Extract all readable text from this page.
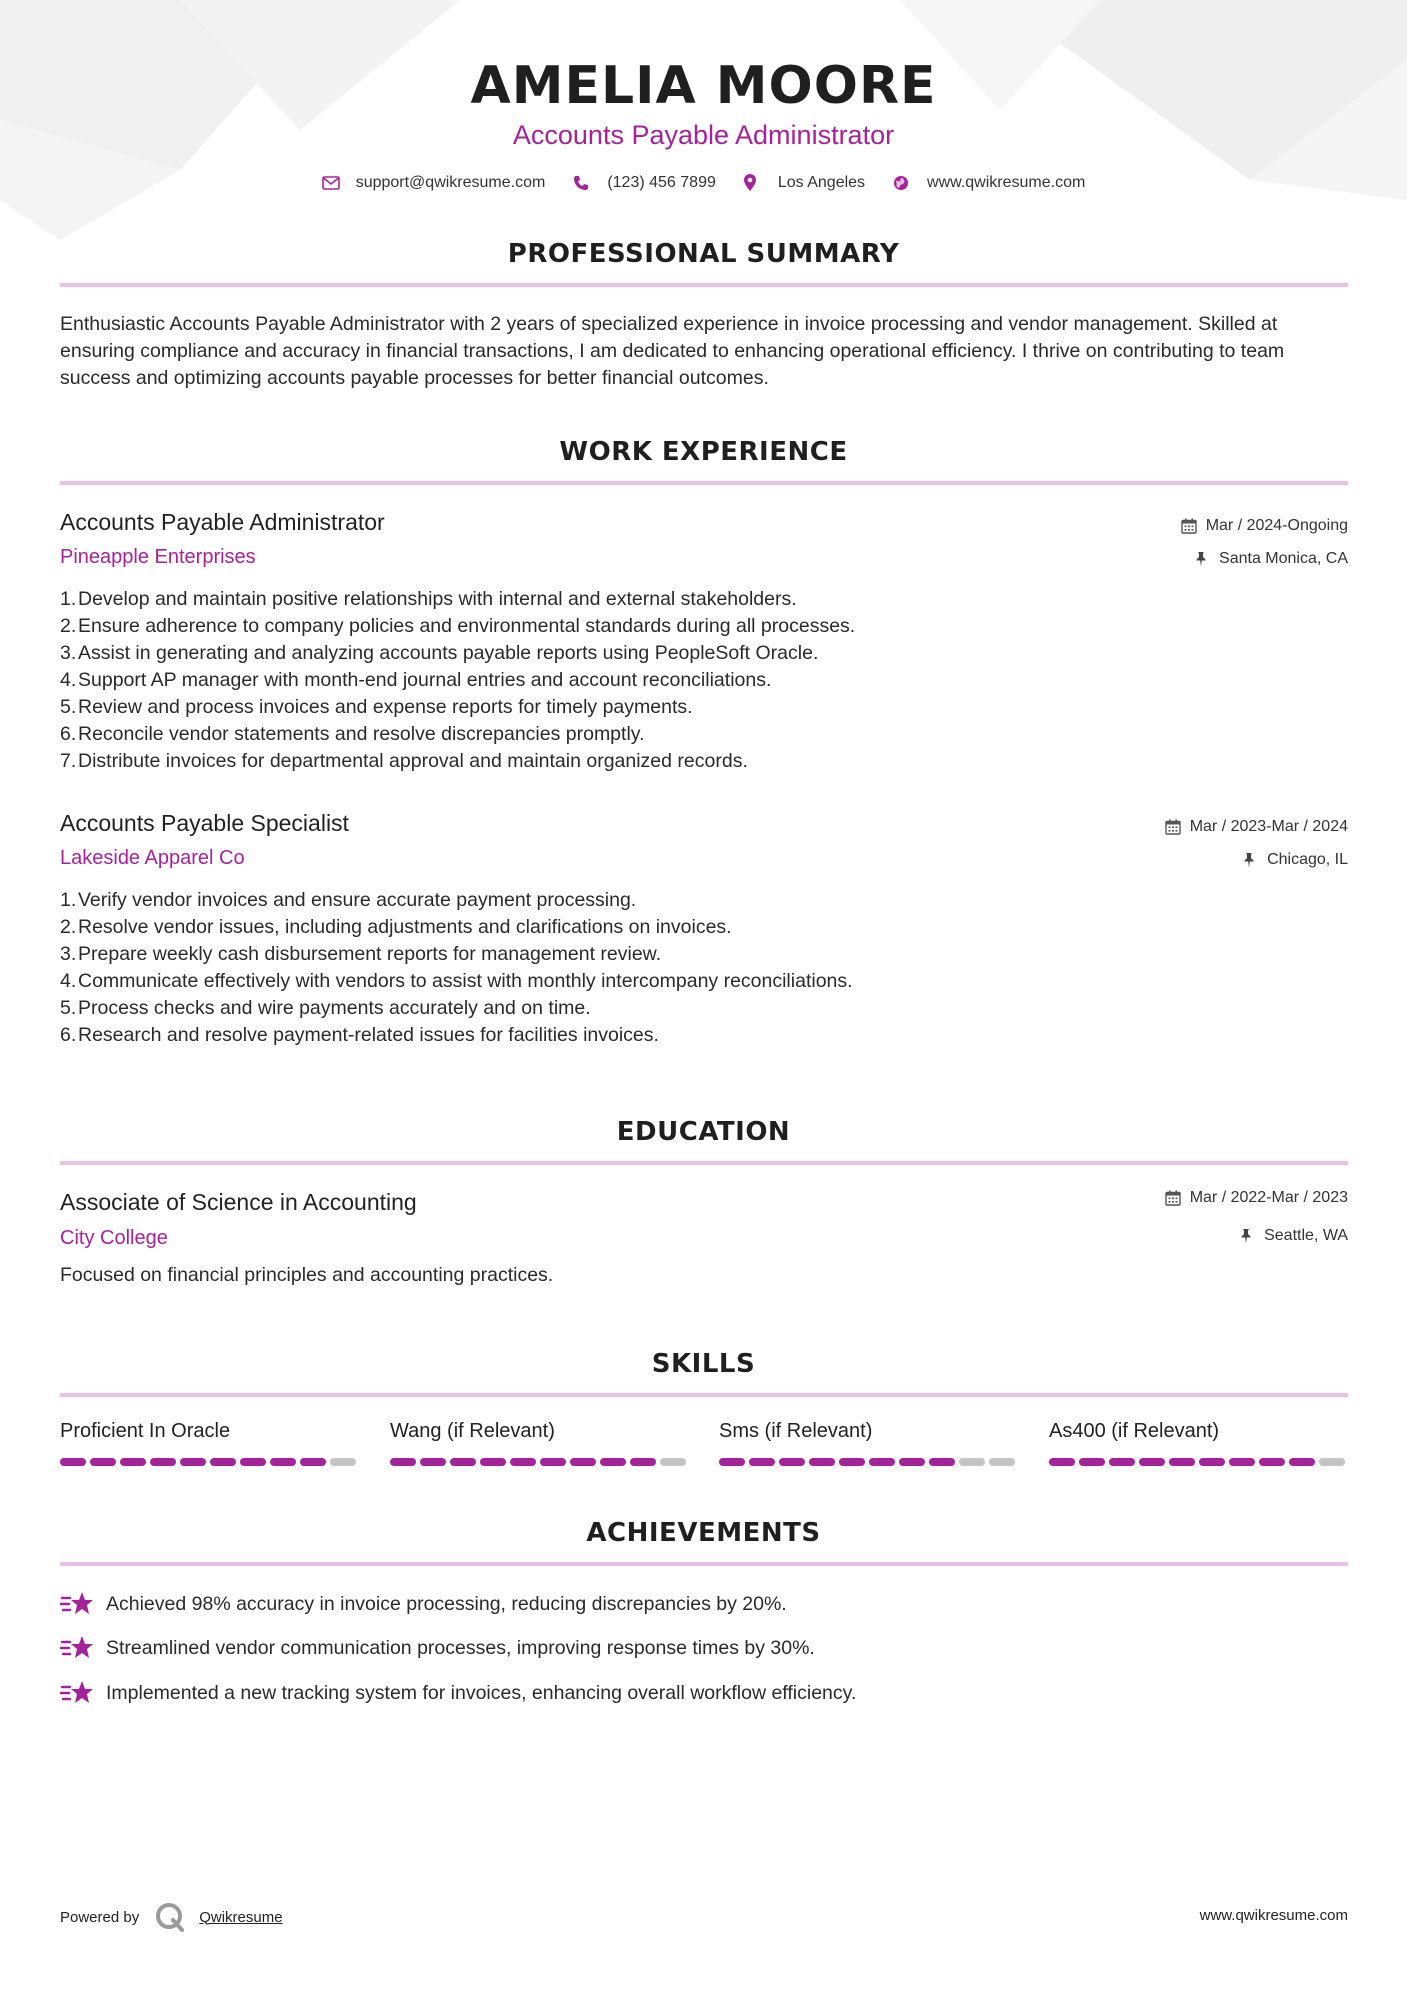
AMELIA MOORE
Accounts Payable Administrator
support@qwikresume.com	(123) 456 7899	Los Angeles	www.qwikresume.com
PROFESSIONAL SUMMARY
Enthusiastic Accounts Payable Administrator with 2 years of specialized experience in invoice processing and vendor management. Skilled at ensuring compliance and accuracy in financial transactions, I am dedicated to enhancing operational efficiency. I thrive on contributing to team success and optimizing accounts payable processes for better financial outcomes.
WORK EXPERIENCE
Accounts Payable Administrator
Pineapple Enterprises
Mar / 2024-Ongoing
Santa Monica, CA
1. Develop and maintain positive relationships with internal and external stakeholders.
2. Ensure adherence to company policies and environmental standards during all processes.
3. Assist in generating and analyzing accounts payable reports using PeopleSoft Oracle.
4. Support AP manager with month-end journal entries and account reconciliations.
5. Review and process invoices and expense reports for timely payments.
6. Reconcile vendor statements and resolve discrepancies promptly.
7. Distribute invoices for departmental approval and maintain organized records.
Accounts Payable Specialist
Lakeside Apparel Co
Mar / 2023-Mar / 2024
Chicago, IL
1. Verify vendor invoices and ensure accurate payment processing.
2. Resolve vendor issues, including adjustments and clarifications on invoices.
3. Prepare weekly cash disbursement reports for management review.
4. Communicate effectively with vendors to assist with monthly intercompany reconciliations.
5. Process checks and wire payments accurately and on time.
6. Research and resolve payment-related issues for facilities invoices.
EDUCATION
Associate of Science in Accounting
City College
Mar / 2022-Mar / 2023
Seattle, WA
Focused on financial principles and accounting practices.
SKILLS
Proficient In Oracle	Wang (if Relevant)	Sms (if Relevant)	As400 (if Relevant)
ACHIEVEMENTS
Achieved 98% accuracy in invoice processing, reducing discrepancies by 20%.
Streamlined vendor communication processes, improving response times by 30%.
Implemented a new tracking system for invoices, enhancing overall workflow efficiency.
Powered by	Qwikresume	www.qwikresume.com
